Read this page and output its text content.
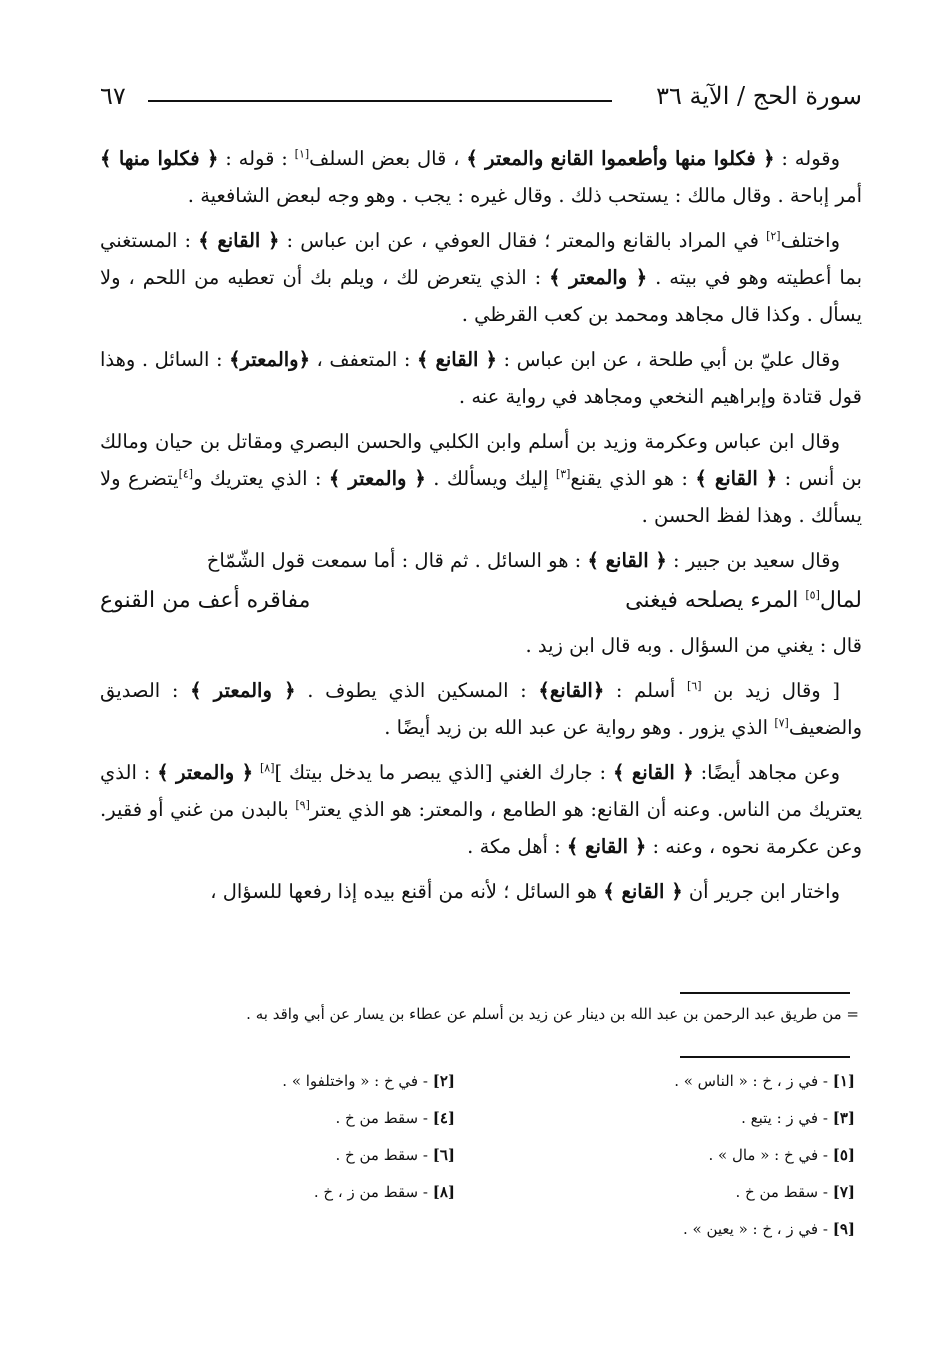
سورة الحج / الآية ٣٦
٦٧

وقوله : ﴿ فكلوا منها وأطعموا القانع والمعتر ﴾ ، قال بعض السلف[١] : قوله : ﴿ فكلوا منها ﴾ أمر إباحة . وقال مالك : يستحب ذلك . وقال غيره : يجب . وهو وجه لبعض الشافعية .

واختلف[٢] في المراد بالقانع والمعتر ؛ فقال العوفي ، عن ابن عباس : ﴿ القانع ﴾ : المستغني بما أعطيته وهو في بيته . ﴿ والمعتر ﴾ : الذي يتعرض لك ، ويلم بك أن تعطيه من اللحم ، ولا يسأل . وكذا قال مجاهد ومحمد بن كعب القرظي .

وقال عليّ بن أبي طلحة ، عن ابن عباس : ﴿ القانع ﴾ : المتعفف ، ﴿والمعتر﴾ : السائل . وهذا قول قتادة وإبراهيم النخعي ومجاهد في رواية عنه .

وقال ابن عباس وعكرمة وزيد بن أسلم وابن الكلبي والحسن البصري ومقاتل بن حيان ومالك بن أنس : ﴿ القانع ﴾ : هو الذي يقنع[٣] إليك ويسألك . ﴿ والمعتر ﴾ : الذي يعتريك و[٤]يتضرع ولا يسألك . وهذا لفظ الحسن .

وقال سعيد بن جبير : ﴿ القانع ﴾ : هو السائل . ثم قال : أما سمعت قول الشّمّاخ

لمال[٥] المرء يصلحه فيغنى
مفاقره أعف من القنوع

قال : يغني من السؤال . وبه قال ابن زيد .

[ وقال زيد بن [٦] أسلم : ﴿القانع﴾ : المسكين الذي يطوف . ﴿ والمعتر ﴾ : الصديق والضعيف[٧] الذي يزور . وهو رواية عن عبد الله بن زيد أيضًا .

وعن مجاهد أيضًا: ﴿ القانع ﴾ : جارك الغني [الذي يبصر ما يدخل بيتك ][٨] ﴿ والمعتر ﴾ : الذي يعتريك من الناس. وعنه أن القانع: هو الطامع ، والمعتر: هو الذي يعتر[٩] بالبدن من غني أو فقير. وعن عكرمة نحوه ، وعنه : ﴿ القانع ﴾ : أهل مكة .

واختار ابن جرير أن ﴿ القانع ﴾ هو السائل ؛ لأنه من أقنع بيده إذا رفعها للسؤال ،

= من طريق عبد الرحمن بن عبد الله بن دينار عن زيد بن أسلم عن عطاء بن يسار عن أبي واقد به .
[١] - في ز ، خ : « الناس » .
[٢] - في خ : « واختلفوا » .
[٣] - في ز : يتبع .
[٤] - سقط من خ .
[٥] - في خ : « مال » .
[٦] - سقط من خ .
[٧] - سقط من خ .
[٨] - سقط من ز ، خ .
[٩] - في ز ، خ : « يعين » .
